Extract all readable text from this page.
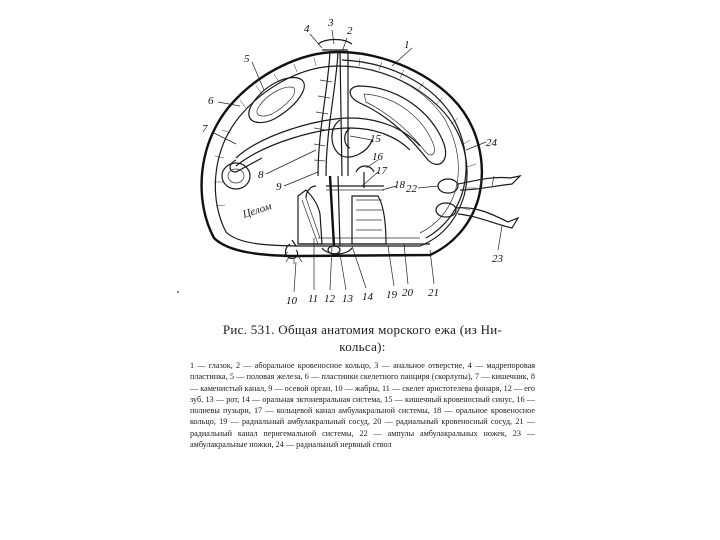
Целом
1
2
3
4
5
6
7
8
9
10 11 12 13 14
15
16
17
18
19 20 21
22
23
24
Рис. 531. Общая анатомия морского ежа (из Ни-
кольса):
1 — глазок, 2 — аборальное кровеносное кольцо, 3 — анальное отверстие, 4 — мадрепоровая пластинка, 5 — половая железа, 6 — пластинки скелетного панциря (скорлупы), 7 — кишечник, 8 — каменистый канал, 9 — осевой орган, 10 — жабры, 11 — скелет аристотелева фонаря, 12 — его зуб, 13 — рот, 14 — оральная эктоневральная система, 15 — кишечный кровеносный синус, 16 — полиевы пузыри, 17 — кольцевой канал амбулакральной системы, 18 — оральное кровеносное кольцо, 19 — радиальный амбулакральный сосуд, 20 — радиальный кровеносный сосуд, 21 — радиальный канал перигемальной системы, 22 — ампулы амбулакральных ножек, 23 — амбулакральные ножки, 24 — радиальный нервный ствол
